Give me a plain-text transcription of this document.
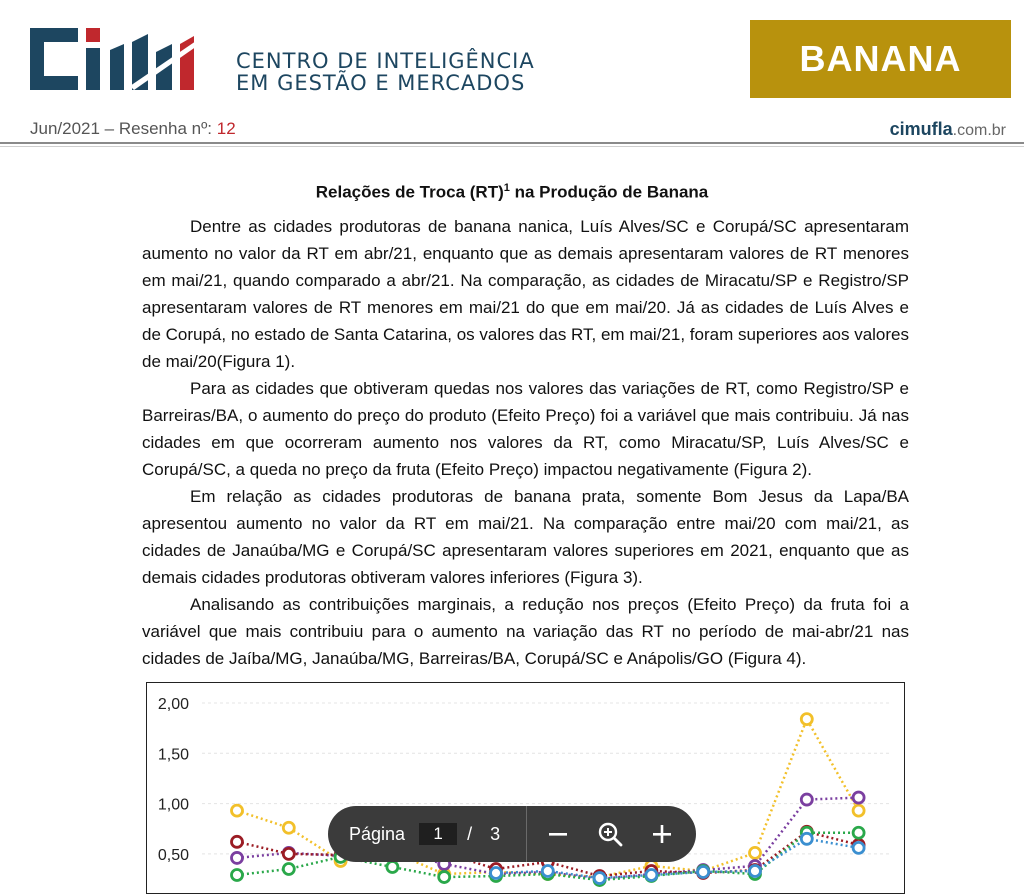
CENTRO DE INTELIGÊNCIA
EM GESTÃO E MERCADOS
BANANA
Jun/2021 – Resenha nº: 12	cimufla.com.br
Relações de Troca (RT)$^1$ na Produção de Banana

Dentre as cidades produtoras de banana nanica, Luís Alves/SC e Corupá/SC apresentaram aumento no valor da RT em abr/21, enquanto que as demais apresentaram valores de RT menores em mai/21, quando comparado a abr/21. Na comparação, as cidades de Miracatu/SP e Registro/SP apresentaram valores de RT menores em mai/21 do que em mai/20. Já as cidades de Luís Alves e de Corupá, no estado de Santa Catarina, os valores das RT, em mai/21, foram superiores aos valores de mai/20(Figura 1).

Para as cidades que obtiveram quedas nos valores das variações de RT, como Registro/SP e Barreiras/BA, o aumento do preço do produto (Efeito Preço) foi a variável que mais contribuiu. Já nas cidades em que ocorreram aumento nos valores da RT, como Miracatu/SP, Luís Alves/SC e Corupá/SC, a queda no preço da fruta (Efeito Preço) impactou negativamente (Figura 2).

Em relação as cidades produtoras de banana prata, somente Bom Jesus da Lapa/BA apresentou aumento no valor da RT em mai/21. Na comparação entre mai/20 com mai/21, as cidades de Janaúba/MG e Corupá/SC apresentaram valores superiores em 2021, enquanto que as demais cidades produtoras obtiveram valores inferiores (Figura 3).

Analisando as contribuições marginais, a redução nos preços (Efeito Preço) da fruta foi a variável que mais contribuiu para o aumento na variação das RT no período de mai-abr/21 nas cidades de Jaíba/MG, Janaúba/MG, Barreiras/BA, Corupá/SC e Anápolis/GO (Figura 4).

2,00
1,50
1,00
0,50
Página
1	/ 3
